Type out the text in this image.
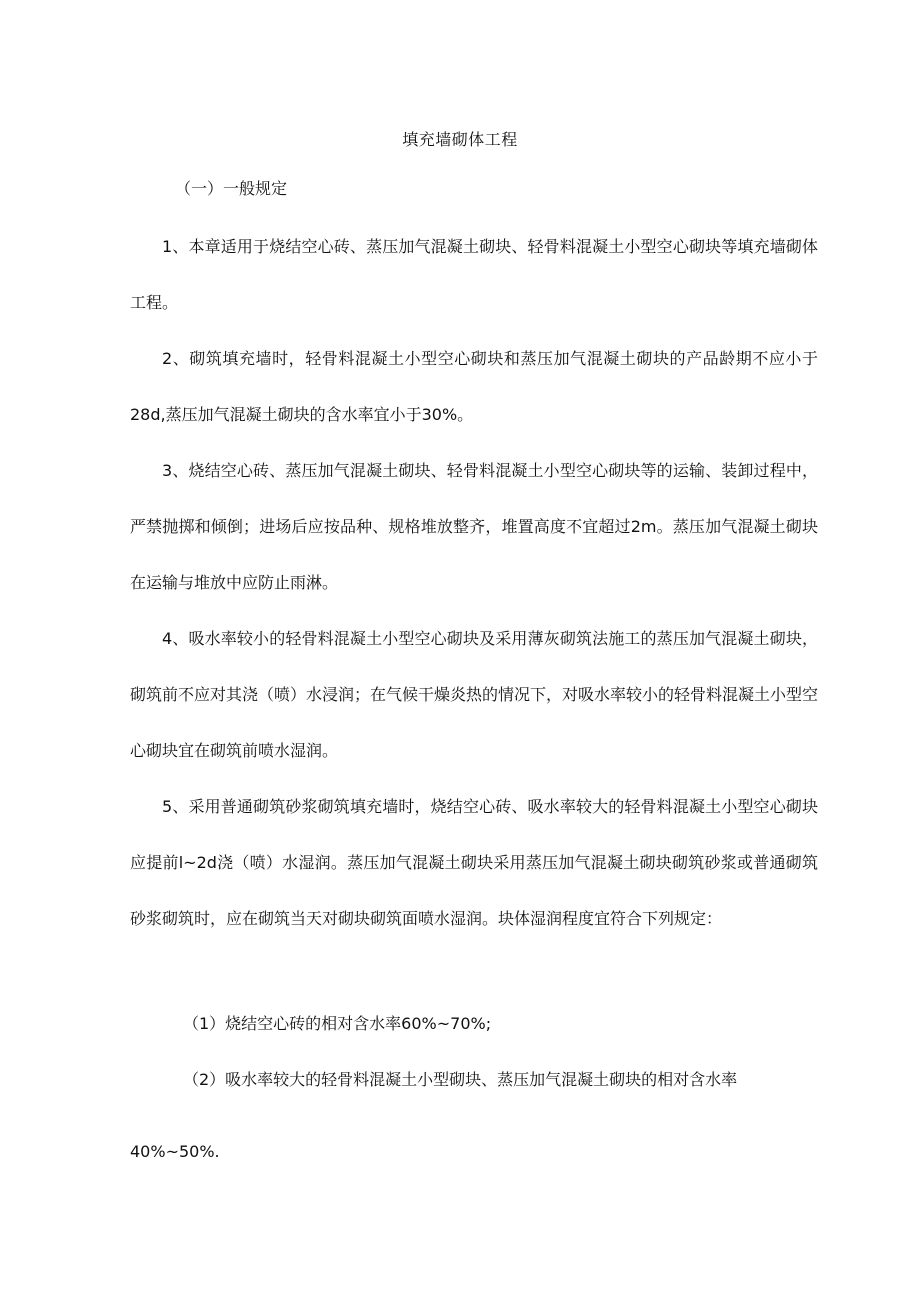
填充墙砌体工程
（一）一般规定

1、本章适用于烧结空心砖、蒸压加气混凝土砌块、轻骨料混凝土小型空心砌块等填充墙砌体工程。

2、砌筑填充墙时，轻骨料混凝土小型空心砌块和蒸压加气混凝土砌块的产品龄期不应小于28d,蒸压加气混凝土砌块的含水率宜小于30%。

3、烧结空心砖、蒸压加气混凝土砌块、轻骨料混凝土小型空心砌块等的运输、装卸过程中，严禁抛掷和倾倒；进场后应按品种、规格堆放整齐，堆置高度不宜超过2m。蒸压加气混凝土砌块在运输与堆放中应防止雨淋。

4、吸水率较小的轻骨料混凝土小型空心砌块及采用薄灰砌筑法施工的蒸压加气混凝土砌块，砌筑前不应对其浇（喷）水浸润；在气候干燥炎热的情况下，对吸水率较小的轻骨料混凝土小型空心砌块宜在砌筑前喷水湿润。

5、采用普通砌筑砂浆砌筑填充墙时，烧结空心砖、吸水率较大的轻骨料混凝土小型空心砌块应提前l~2d浇（喷）水湿润。蒸压加气混凝土砌块采用蒸压加气混凝土砌块砌筑砂浆或普通砌筑砂浆砌筑时，应在砌筑当天对砌块砌筑面喷水湿润。块体湿润程度宜符合下列规定：

（1）烧结空心砖的相对含水率60%~70%;
（2）吸水率较大的轻骨料混凝土小型砌块、蒸压加气混凝土砌块的相对含水率
40%~50%.
